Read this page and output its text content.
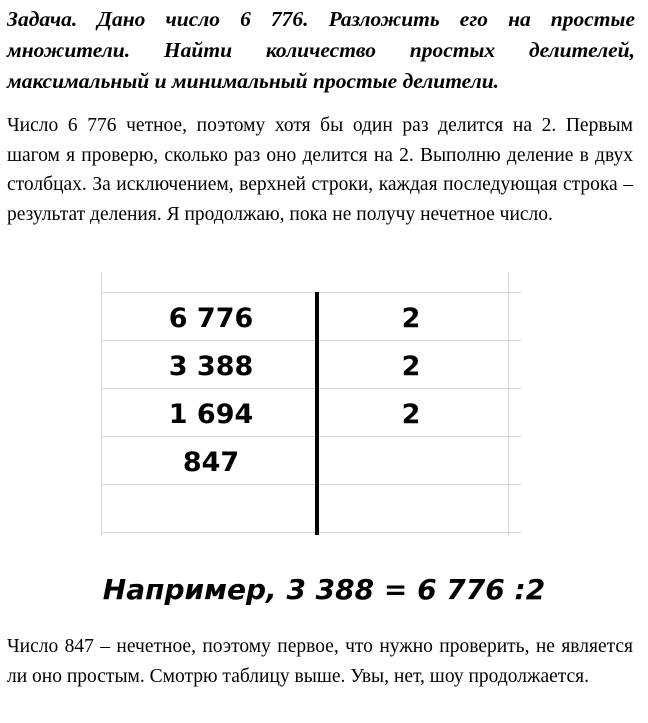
Задача. Дано число 6 776. Разложить его на простые множители. Найти количество простых делителей, максимальный и минимальный простые делители.

Число 6 776 четное, поэтому хотя бы один раз делится на 2. Первым шагом я проверю, сколько раз оно делится на 2. Выполню деление в двух столбцах. За исключением, верхней строки, каждая последующая строка – результат деления. Я продолжаю, пока не получу нечетное число.

6 776	2
3 388	2
1 694	2
847

Например, 3 388 = 6 776 :2

Число 847 – нечетное, поэтому первое, что нужно проверить, не является ли оно простым. Смотрю таблицу выше. Увы, нет, шоу продолжается.
